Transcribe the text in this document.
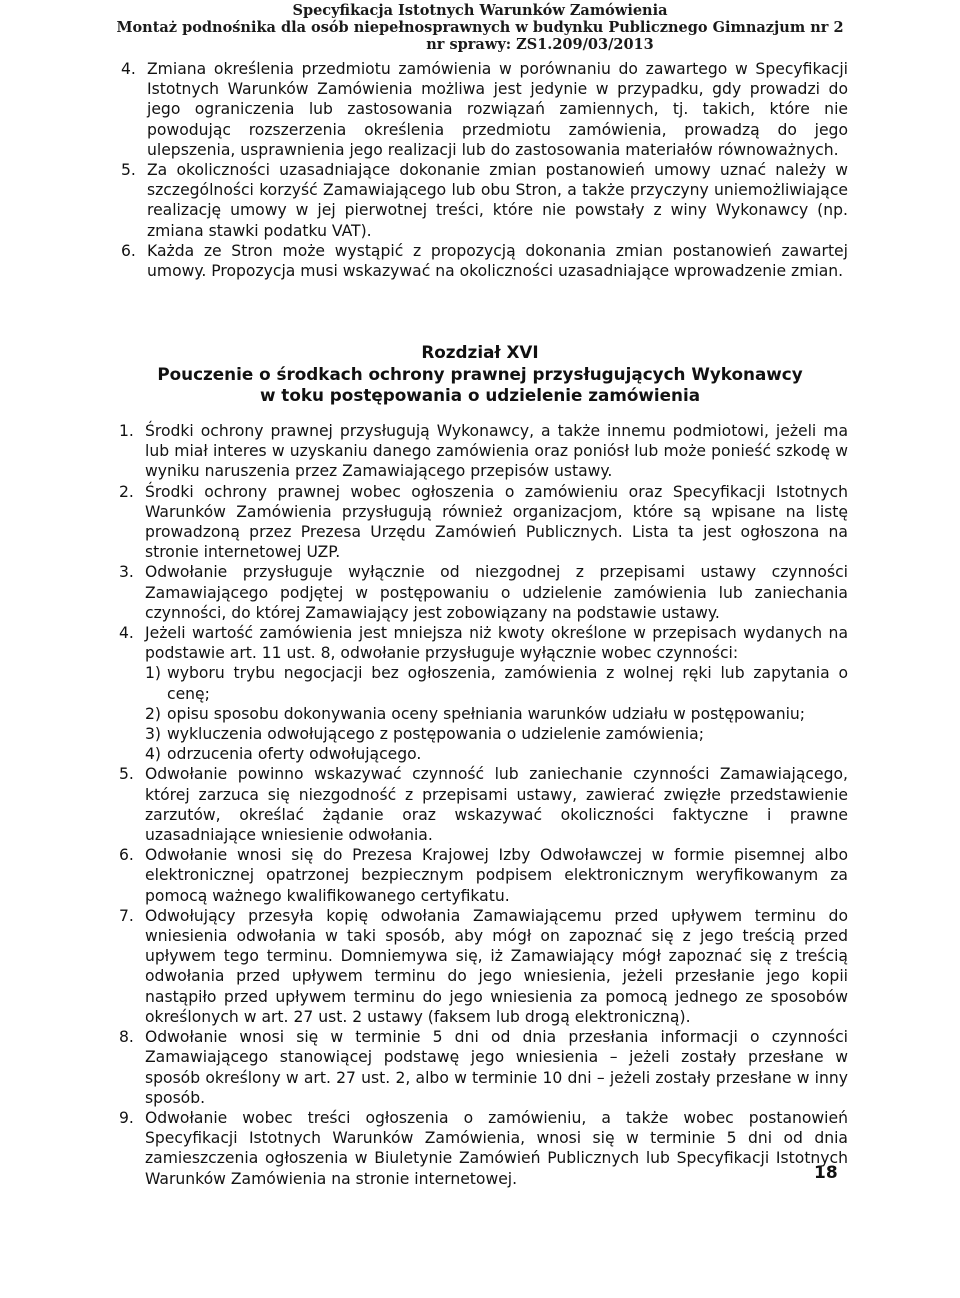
Specyfikacja Istotnych Warunków Zamówienia
Montaż podnośnika dla osób niepełnosprawnych w budynku Publicznego Gimnazjum nr 2
nr sprawy: ZS1.209/03/2013
4. Zmiana określenia przedmiotu zamówienia w porównaniu do zawartego w Specyfikacji Istotnych Warunków Zamówienia możliwa jest jedynie w przypadku, gdy prowadzi do jego ograniczenia lub zastosowania rozwiązań zamiennych, tj. takich, które nie powodując rozszerzenia określenia przedmiotu zamówienia, prowadzą do jego ulepszenia, usprawnienia jego realizacji lub do zastosowania materiałów równoważnych.

5. Za okoliczności uzasadniające dokonanie zmian postanowień umowy uznać należy w szczególności korzyść Zamawiającego lub obu Stron, a także przyczyny uniemożliwiające realizację umowy w jej pierwotnej treści, które nie powstały z winy Wykonawcy (np. zmiana stawki podatku VAT).

6. Każda ze Stron może wystąpić z propozycją dokonania zmian postanowień zawartej umowy. Propozycja musi wskazywać na okoliczności uzasadniające wprowadzenie zmian.

Rozdział XVI
Pouczenie o środkach ochrony prawnej przysługujących Wykonawcy
w toku postępowania o udzielenie zamówienia
1. Środki ochrony prawnej przysługują Wykonawcy, a także innemu podmiotowi, jeżeli ma lub miał interes w uzyskaniu danego zamówienia oraz poniósł lub może ponieść szkodę w wyniku naruszenia przez Zamawiającego przepisów ustawy.

2. Środki ochrony prawnej wobec ogłoszenia o zamówieniu oraz Specyfikacji Istotnych Warunków Zamówienia przysługują również organizacjom, które są wpisane na listę prowadzoną przez Prezesa Urzędu Zamówień Publicznych. Lista ta jest ogłoszona na stronie internetowej UZP.

3. Odwołanie przysługuje wyłącznie od niezgodnej z przepisami ustawy czynności Zamawiającego podjętej w postępowaniu o udzielenie zamówienia lub zaniechania czynności, do której Zamawiający jest zobowiązany na podstawie ustawy.

4. Jeżeli wartość zamówienia jest mniejsza niż kwoty określone w przepisach wydanych na podstawie art. 11 ust. 8, odwołanie przysługuje wyłącznie wobec czynności:

1) wyboru trybu negocjacji bez ogłoszenia, zamówienia z wolnej ręki lub zapytania o cenę;
2) opisu sposobu dokonywania oceny spełniania warunków udziału w postępowaniu;
3) wykluczenia odwołującego z postępowania o udzielenie zamówienia;
4) odrzucenia oferty odwołującego.
5. Odwołanie powinno wskazywać czynność lub zaniechanie czynności Zamawiającego, której zarzuca się niezgodność z przepisami ustawy, zawierać zwięzłe przedstawienie zarzutów, określać żądanie oraz wskazywać okoliczności faktyczne i prawne uzasadniające wniesienie odwołania.

6. Odwołanie wnosi się do Prezesa Krajowej Izby Odwoławczej w formie pisemnej albo elektronicznej opatrzonej bezpiecznym podpisem elektronicznym weryfikowanym za pomocą ważnego kwalifikowanego certyfikatu.

7. Odwołujący przesyła kopię odwołania Zamawiającemu przed upływem terminu do wniesienia odwołania w taki sposób, aby mógł on zapoznać się z jego treścią przed upływem tego terminu. Domniemywa się, iż Zamawiający mógł zapoznać się z treścią odwołania przed upływem terminu do jego wniesienia, jeżeli przesłanie jego kopii nastąpiło przed upływem terminu do jego wniesienia za pomocą jednego ze sposobów określonych w art. 27 ust. 2 ustawy (faksem lub drogą elektroniczną).

8. Odwołanie wnosi się w terminie 5 dni od dnia przesłania informacji o czynności Zamawiającego stanowiącej podstawę jego wniesienia – jeżeli zostały przesłane w sposób określony w art. 27 ust. 2, albo w terminie 10 dni – jeżeli zostały przesłane w inny sposób.

9. Odwołanie wobec treści ogłoszenia o zamówieniu, a także wobec postanowień Specyfikacji Istotnych Warunków Zamówienia, wnosi się w terminie 5 dni od dnia zamieszczenia ogłoszenia w Biuletynie Zamówień Publicznych lub Specyfikacji Istotnych Warunków Zamówienia na stronie internetowej.	18
